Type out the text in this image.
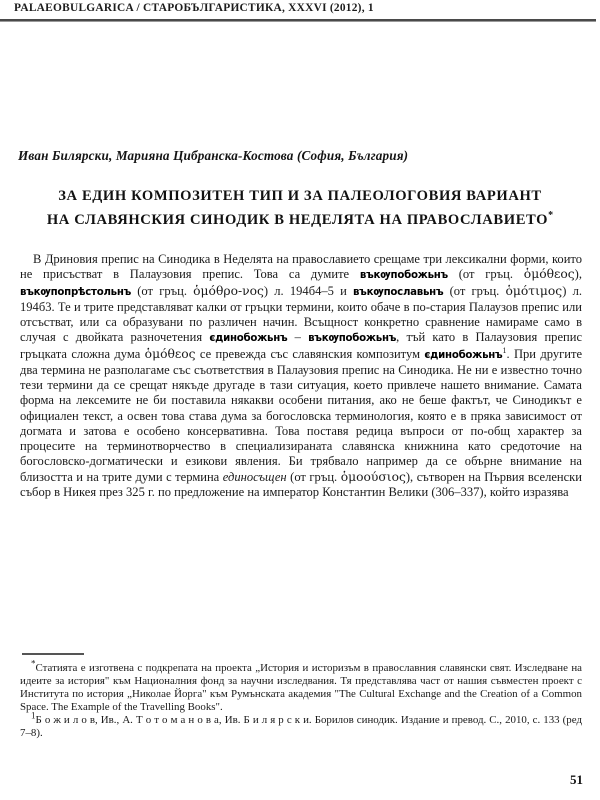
PALAEOBULGARICA / СТАРОБЪЛГАРИСТИКА, XXXVI (2012), 1
Иван Билярски, Марияна Цибранска-Костова (София, България)
ЗА ЕДИН КОМПОЗИТЕН ТИП И ЗА ПАЛЕОЛОГОВИЯ ВАРИАНТ
НА СЛАВЯНСКИЯ СИНОДИК В НЕДЕЛЯТА НА ПРАВОСЛАВИЕТО*

В Дриновия препис на Синодика в Неделята на православието срещаме три лексикални форми, които не присъстват в Палаузовия препис. Това са думите въкѹпобожьнъ (от гръц. ὁμόθεος), въкѹпопрѣстольнъ (от гръц. ὁμόθρο-νος) л. 194б4–5 и въкѹпославьнъ (от гръц. ὁμότιμος) л. 194б3. Те и трите представляват калки от гръцки термини, които обаче в по-стария Палаузов препис или отсъстват, или са образувани по различен начин. Всъщност конкретно сравнение намираме само в случая с двойката разночетения єдинобожьнъ – въкѹпобожьнъ, тъй като в Палаузовия препис гръцката сложна дума ὁμόθεος се превежда със славянския композитум єдинобожьнъ$^1$. При другите два термина не разполагаме със съответствия в Палаузовия препис на Синодика. Не ни е известно точно тези термини да се срещат някъде другаде в тази ситуация, което привлече нашето внимание. Самата форма на лексемите не би поставила някакви особени питания, ако не беше фактът, че Синодикът е официален текст, а освен това става дума за богословска терминология, която е в пряка зависимост от догмата и затова е особено консервативна. Това поставя редица въпроси от по-общ характер за процесите на терминотворчество в специализираната славянска книжнина като средоточие на богословско-догматически и езикови явления. Би трябвало например да се обърне внимание на близостта и на трите думи с термина единосъщен (от гръц. ὁμοούσιος), сътворен на Първия вселенски събор в Никея през 325 г. по предложение на император Константин Велики (306–337), който изразява

*Статията е изготвена с подкрепата на проекта „История и историзъм в православния славянски свят. Изследване на идеите за история" към Националния фонд за научни изследвания. Тя представлява част от нашия съвместен проект с Института по история „Николае Йорга" към Румънската академия "The Cultural Exchange and the Creation of a Common Space. The Example of the Travelling Books".

$^1$Б о ж и л о в, Ив., А. Т о т о м а н о в а, Ив. Б и л я р с к и. Борилов синодик. Издание и превод. С., 2010, с. 133 (ред 7–8).

51
